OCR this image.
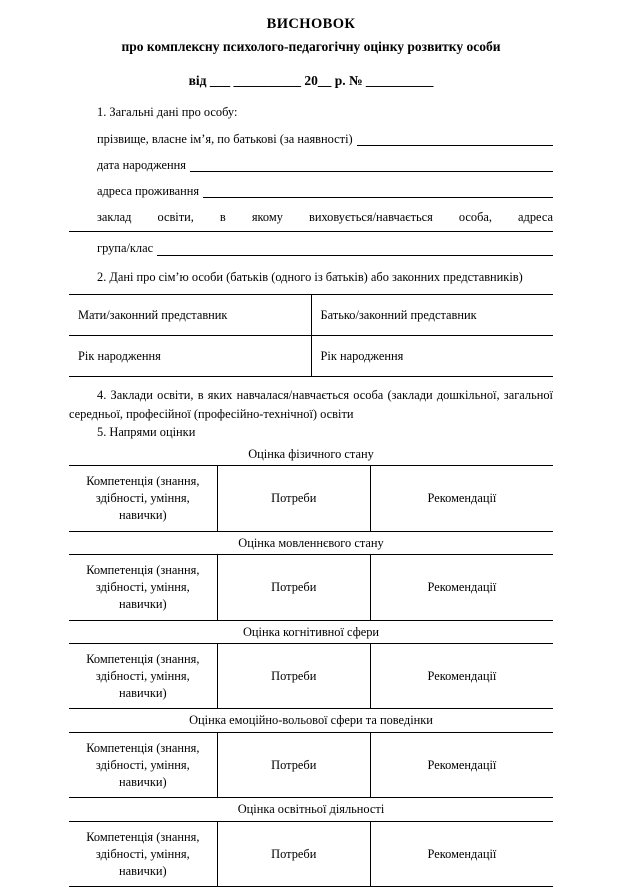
ВИСНОВОК
про комплексну психолого-педагогічну оцінку розвитку особи
від ___ __________ 20__ р. № __________
1. Загальні дані про особу:
прізвище, власне ім’я, по батькові (за наявності)
дата народження
адреса проживання
заклад освіти, в якому виховується/навчається особа, адреса
група/клас
2. Дані про сім’ю особи (батьків (одного із батьків) або законних представників)
Мати/законний представник	Батько/законний представник
Рік народження	Рік народження
4. Заклади освіти, в яких навчалася/навчається особа (заклади дошкільної, загальної середньої, професійної (професійно-технічної) освіти
5. Напрями оцінки
Оцінка фізичного стану
Компетенція (знання, здібності, уміння, навички)	Потреби	Рекомендації
Оцінка мовленнєвого стану
Компетенція (знання, здібності, уміння, навички)	Потреби	Рекомендації
Оцінка когнітивної сфери
Компетенція (знання, здібності, уміння, навички)	Потреби	Рекомендації
Оцінка емоційно-вольової сфери та поведінки
Компетенція (знання, здібності, уміння, навички)	Потреби	Рекомендації
Оцінка освітньої діяльності
Компетенція (знання, здібності, уміння, навички)	Потреби	Рекомендації
